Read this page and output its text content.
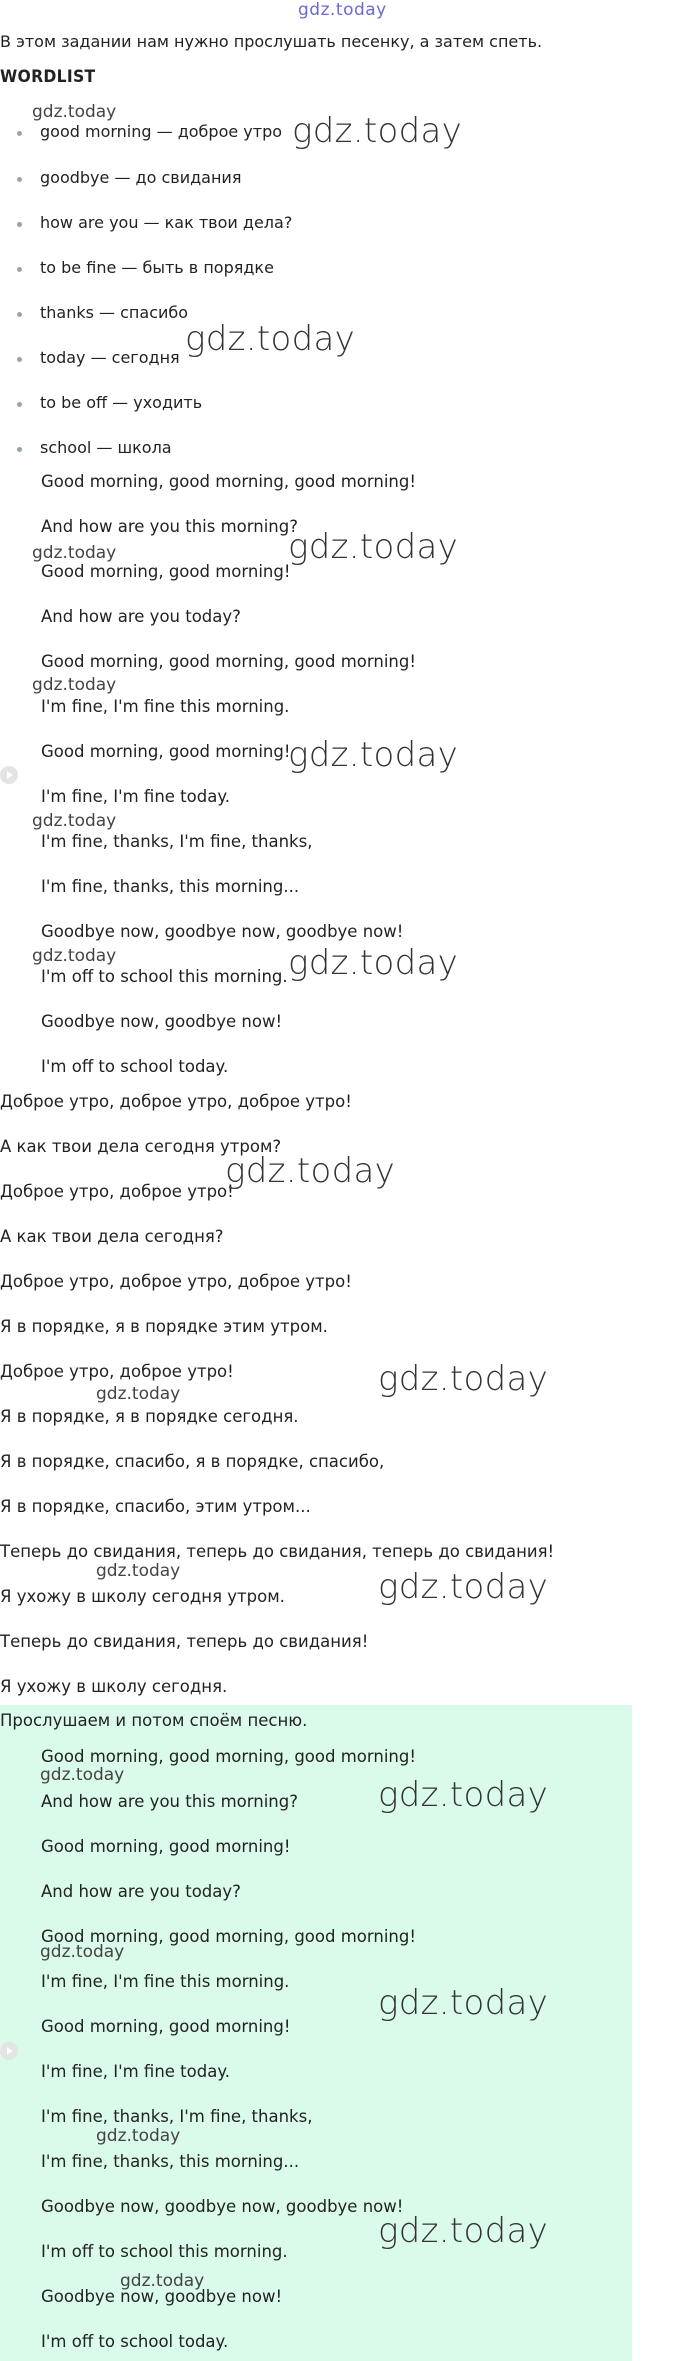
gdz.today
В этом задании нам нужно прослушать песенку, а затем спеть.
WORDLIST
good morning — доброе утро
goodbye — до свидания
how are you — как твои дела?
to be fine — быть в порядке
thanks — спасибо
today — сегодня
to be off — уходить
school — школа
Good morning, good morning, good morning!
And how are you this morning?
Good morning, good morning!
And how are you today?
Good morning, good morning, good morning!
I'm fine, I'm fine this morning.
Good morning, good morning!
I'm fine, I'm fine today.
I'm fine, thanks, I'm fine, thanks,
I'm fine, thanks, this morning...
Goodbye now, goodbye now, goodbye now!
I'm off to school this morning.
Goodbye now, goodbye now!
I'm off to school today.
Доброе утро, доброе утро, доброе утро!
А как твои дела сегодня утром?
Доброе утро, доброе утро!
А как твои дела сегодня?
Доброе утро, доброе утро, доброе утро!
Я в порядке, я в порядке этим утром.
Доброе утро, доброе утро!
Я в порядке, я в порядке сегодня.
Я в порядке, спасибо, я в порядке, спасибо,
Я в порядке, спасибо, этим утром...
Теперь до свидания, теперь до свидания, теперь до свидания!
Я ухожу в школу сегодня утром.
Теперь до свидания, теперь до свидания!
Я ухожу в школу сегодня.
Прослушаем и потом споём песню.
Good morning, good morning, good morning!
And how are you this morning?
Good morning, good morning!
And how are you today?
Good morning, good morning, good morning!
I'm fine, I'm fine this morning.
Good morning, good morning!
I'm fine, I'm fine today.
I'm fine, thanks, I'm fine, thanks,
I'm fine, thanks, this morning...
Goodbye now, goodbye now, goodbye now!
I'm off to school this morning.
Goodbye now, goodbye now!
I'm off to school today.
gdz.today	gdz.today
gdz.today
gdz.today	gdz.today
gdz.today
gdz.today
gdz.today
gdz.today	gdz.today
gdz.today
gdz.today	gdz.today
gdz.today	gdz.today
gdz.today	gdz.today
gdz.today
gdz.today
gdz.today
gdz.today
gdz.today
